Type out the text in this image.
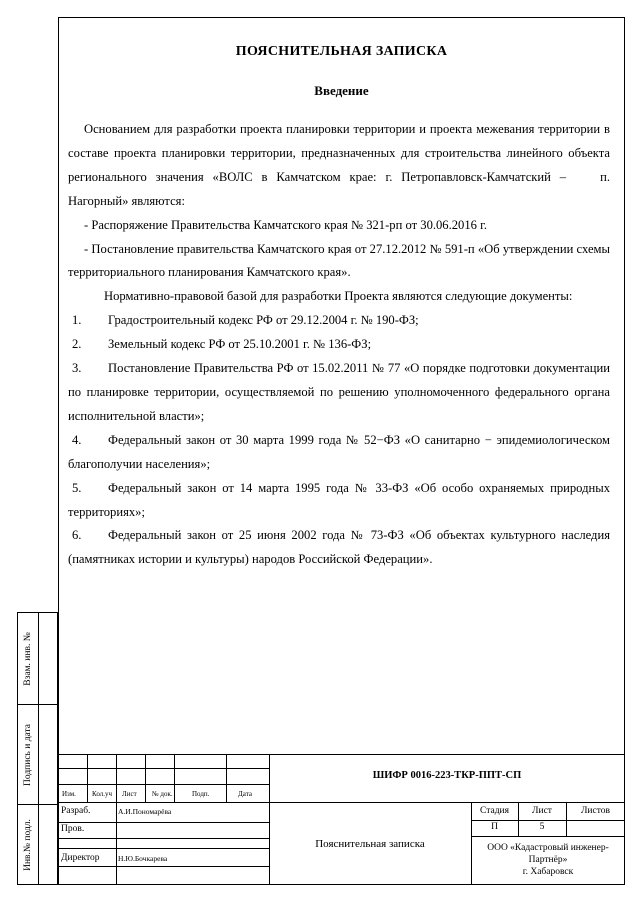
ПОЯСНИТЕЛЬНАЯ ЗАПИСКА
Введение

Основанием для разработки проекта планировки территории и проекта межевания территории в составе проекта планировки территории, предназначенных для строительства линейного объекта регионального значения «ВОЛС в Камчатском крае: г. Петропавловск-Камчатский –	п. Нагорный» являются:

- Распоряжение Правительства Камчатского края № 321-рп от 30.06.2016 г.

- Постановление правительства Камчатского края от 27.12.2012 № 591-п «Об утверждении схемы территориального планирования Камчатского края».

Нормативно-правовой базой для разработки Проекта являются следующие документы:

1. Градостроительный кодекс РФ от 29.12.2004 г. № 190-ФЗ;

2. Земельный кодекс РФ от 25.10.2001 г. № 136-ФЗ;

3. Постановление Правительства РФ от 15.02.2011 № 77 «О порядке подготовки документации по планировке территории, осуществляемой по решению уполномоченного федерального органа исполнительной власти»;

4. Федеральный закон от 30 марта 1999 года № 52−ФЗ «О санитарно − эпидемиологическом благополучии населения»;

5. Федеральный закон от 14 марта 1995 года № 33-ФЗ «Об особо охраняемых природных территориях»;

6. Федеральный закон от 25 июня 2002 года № 73-ФЗ «Об объектах культурного наследия (памятниках истории и культуры) народов Российской Федерации».

Взам. инв. №
Подпись и дата
Инв.№ подл.
ШИФР 0016-223-ТКР-ППТ-СП
Изм. Кол.уч Лист № док.	Подп.	Дата
Разраб.	А.И.Пономарёва
Пров.
Директор Н.Ю.Бочкарева
Пояснительная записка
Стадия	Лист	Листов
П	5
ООО «Кадастровый инженер-Партнёр»
г. Хабаровск
